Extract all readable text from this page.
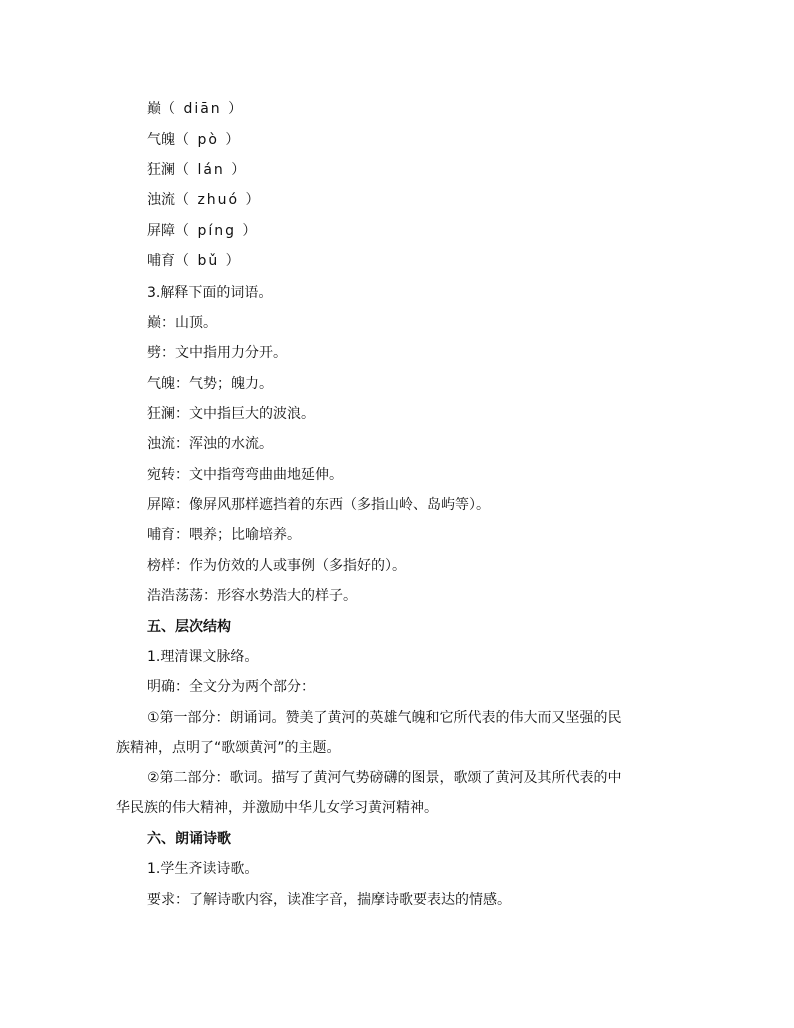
巅（ diān ）
气魄（ pò ）
狂澜（ lán ）
浊流（ zhuó ）
屏障（ píng ）
哺育（ bǔ ）
3.解释下面的词语。
巅：山顶。
劈：文中指用力分开。
气魄：气势；魄力。
狂澜：文中指巨大的波浪。
浊流：浑浊的水流。
宛转：文中指弯弯曲曲地延伸。
屏障：像屏风那样遮挡着的东西（多指山岭、岛屿等）。
哺育：喂养；比喻培养。
榜样：作为仿效的人或事例（多指好的）。
浩浩荡荡：形容水势浩大的样子。
五、层次结构
1.理清课文脉络。
明确：全文分为两个部分：
①第一部分：朗诵词。赞美了黄河的英雄气魄和它所代表的伟大而又坚强的民
族精神，点明了“歌颂黄河”的主题。
②第二部分：歌词。描写了黄河气势磅礴的图景，歌颂了黄河及其所代表的中
华民族的伟大精神，并激励中华儿女学习黄河精神。
六、朗诵诗歌
1.学生齐读诗歌。
要求：了解诗歌内容，读准字音，揣摩诗歌要表达的情感。
